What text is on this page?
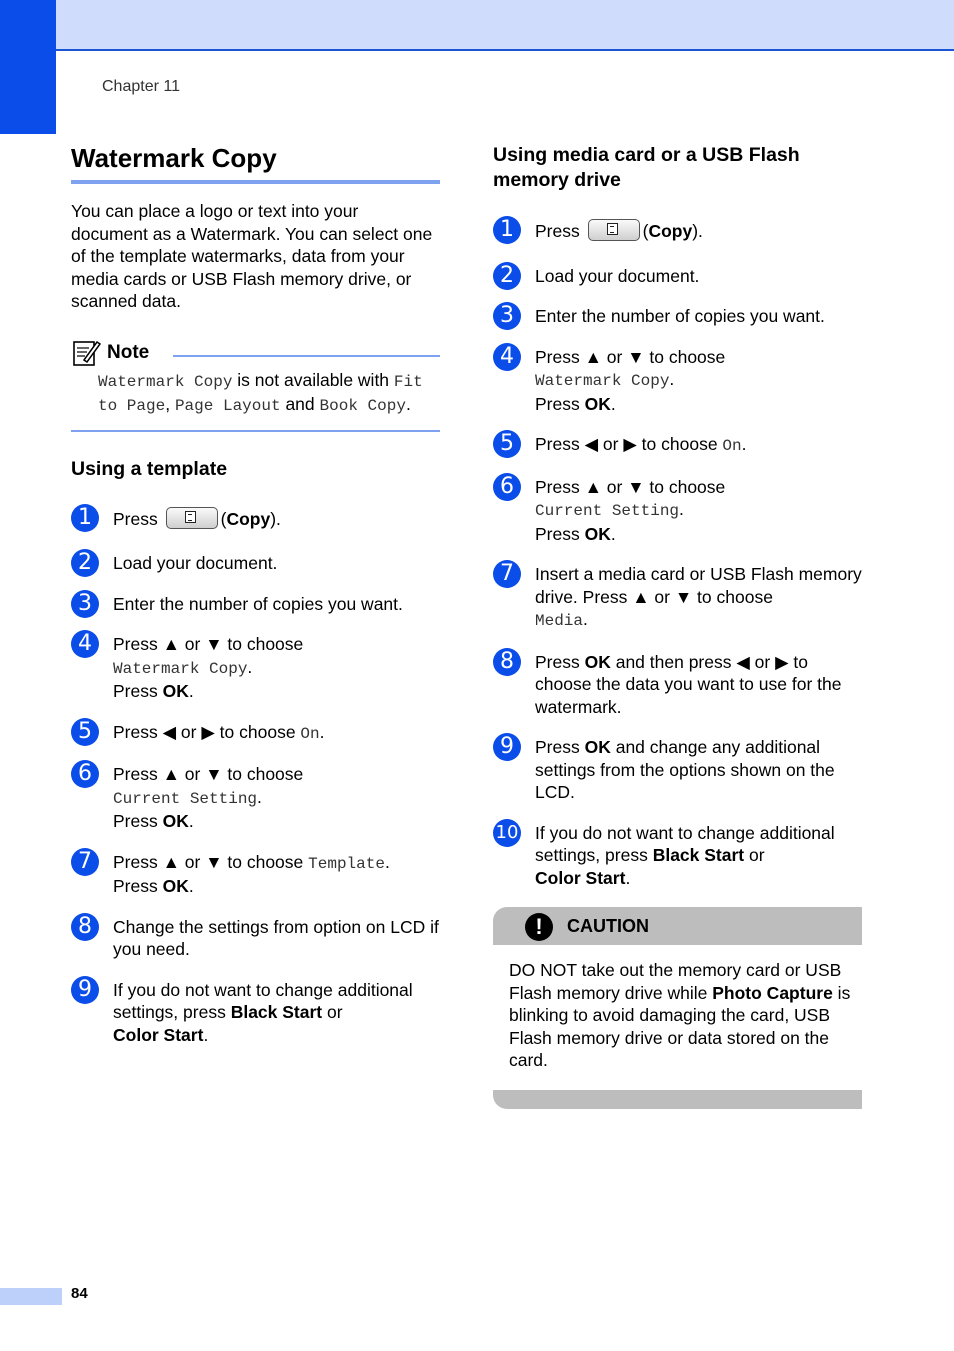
Chapter 11
Watermark Copy

You can place a logo or text into your document as a Watermark. You can select one of the template watermarks, data from your media cards or USB Flash memory drive, or scanned data.

Note

Watermark Copy is not available with Fit to Page, Page Layout and Book Copy.

Using a template
1	Press	(Copy).
2	Load your document.
3	Enter the number of copies you want.
4	Press ▲ or ▼ to choose
Watermark Copy.
Press OK.
5	Press ◀ or ▶ to choose On.
6	Press ▲ or ▼ to choose
Current Setting.
Press OK.
7	Press ▲ or ▼ to choose Template.
Press OK.
8	Change the settings from option on LCD if you need.
9	If you do not want to change additional settings, press Black Start or
Color Start.
Using media card or a USB Flash memory drive
1	Press	(Copy).
2	Load your document.
3	Enter the number of copies you want.
4	Press ▲ or ▼ to choose
Watermark Copy.
Press OK.
5	Press ◀ or ▶ to choose On.
6	Press ▲ or ▼ to choose
Current Setting.
Press OK.
7	Insert a media card or USB Flash memory drive. Press ▲ or ▼ to choose
Media.
8	Press OK and then press ◀ or ▶ to choose the data you want to use for the watermark.
9	Press OK and change any additional settings from the options shown on the LCD.
10 If you do not want to change additional settings, press Black Start or
Color Start.
!	CAUTION

DO NOT take out the memory card or USB Flash memory drive while Photo Capture is blinking to avoid damaging the card, USB Flash memory drive or data stored on the card.

84
